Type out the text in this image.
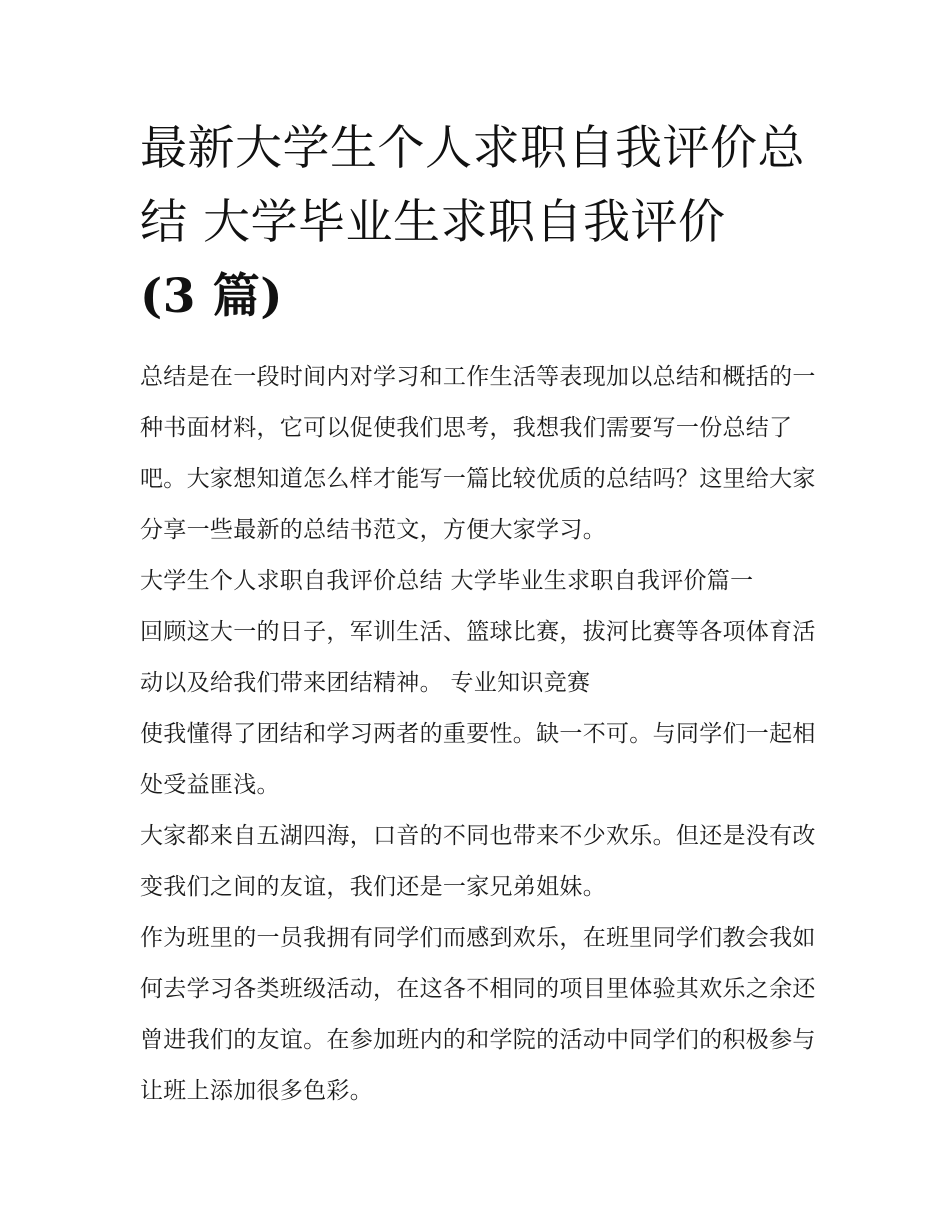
最新大学生个人求职自我评价总结 大学毕业生求职自我评价
(3 篇)

总结是在一段时间内对学习和工作生活等表现加以总结和概括的一种书面材料，它可以促使我们思考，我想我们需要写一份总结了吧。大家想知道怎么样才能写一篇比较优质的总结吗？这里给大家分享一些最新的总结书范文，方便大家学习。

大学生个人求职自我评价总结 大学毕业生求职自我评价篇一

回顾这大一的日子，军训生活、篮球比赛，拔河比赛等各项体育活动以及给我们带来团结精神。 专业知识竞赛

使我懂得了团结和学习两者的重要性。缺一不可。与同学们一起相处受益匪浅。

大家都来自五湖四海，口音的不同也带来不少欢乐。但还是没有改变我们之间的友谊，我们还是一家兄弟姐妹。

作为班里的一员我拥有同学们而感到欢乐，在班里同学们教会我如何去学习各类班级活动，在这各不相同的项目里体验其欢乐之余还曾进我们的友谊。在参加班内的和学院的活动中同学们的积极参与让班上添加很多色彩。
